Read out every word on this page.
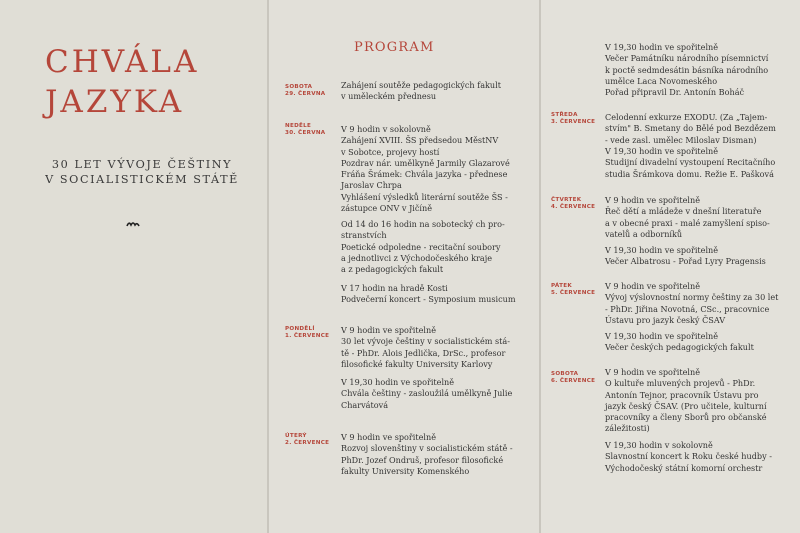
CHVÁLA
JAZYKA
30 LET VÝVOJE ČEŠTINY
V SOCIALISTICKÉM STÁTĚ
PROGRAM
SOBOTA
29. ČERVNA
NEDĚLE
30. ČERVNA
PONDĚLÍ
1. ČERVENCE
ÚTERÝ
2. ČERVENCE
STŘEDA
3. ČERVENCE
ČTVRTEK
4. ČERVENCE
PÁTEK
5. ČERVENCE
SOBOTA
6. ČERVENCE
Zahájení soutěže pedagogických fakult
v uměleckém přednesu
V 9 hodin v sokolovně
Zahájení XVIII. ŠS předsedou MěstNV
v Sobotce, projevy hostí
Pozdrav nár. umělkyně Jarmily Glazarové
Fráňa Šrámek: Chvála jazyka - přednese
Jaroslav Chrpa
Vyhlášení výsledků literární soutěže ŠS -
zástupce ONV v Jičíně
Od 14 do 16 hodin na sobotecký ch pro-
stranstvích
Poetické odpoledne - recitační soubory
a jednotlivci z Východočeského kraje
a z pedagogických fakult
V 17 hodin na hradě Kosti
Podvečerní koncert - Symposium musicum
V 9 hodin ve spořitelně
30 let vývoje češtiny v socialistickém stá-
tě - PhDr. Alois Jedlička, DrSc., profesor
filosofické fakulty University Karlovy
V 19,30 hodin ve spořitelně
Chvála češtiny - zasloužilá umělkyně Julie
Charvátová
V 9 hodin ve spořitelně
Rozvoj slovenštiny v socialistickém státě -
PhDr. Jozef Ondruš, profesor filosofické
fakulty University Komenského
V 19,30 hodin ve spořitelně
Večer Památníku národního písemnictví
k poctě sedmdesátin básníka národního
umělce Laca Novomeského
Pořad připravil Dr. Antonín Boháč
Celodenní exkurze EXODU. (Za „Tajem-
stvím" B. Smetany do Bělé pod Bezdězem
- vede zasl. umělec Miloslav Disman)
V 19,30 hodin ve spořitelně
Studijní divadelní vystoupení Recitačního
studia Šrámkova domu. Režie E. Pašková
V 9 hodin ve spořitelně
Řeč dětí a mládeže v dnešní literatuře
a v obecné praxi - malé zamyšlení spiso-
vatelů a odborníků
V 19,30 hodin ve spořitelně
Večer Albatrosu - Pořad Lyry Pragensis
V 9 hodin ve spořitelně
Vývoj výslovnostní normy češtiny za 30 let
- PhDr. Jiřina Novotná, CSc., pracovnice
Ústavu pro jazyk český ČSAV
V 19,30 hodin ve spořitelně
Večer českých pedagogických fakult
V 9 hodin ve spořitelně
O kultuře mluvených projevů - PhDr.
Antonín Tejnor, pracovník Ústavu pro
jazyk český ČSAV. (Pro učitele, kulturní
pracovníky a členy Sborů pro občanské
záležitosti)
V 19,30 hodin v sokolovně
Slavnostní koncert k Roku české hudby -
Východočeský státní komorní orchestr
